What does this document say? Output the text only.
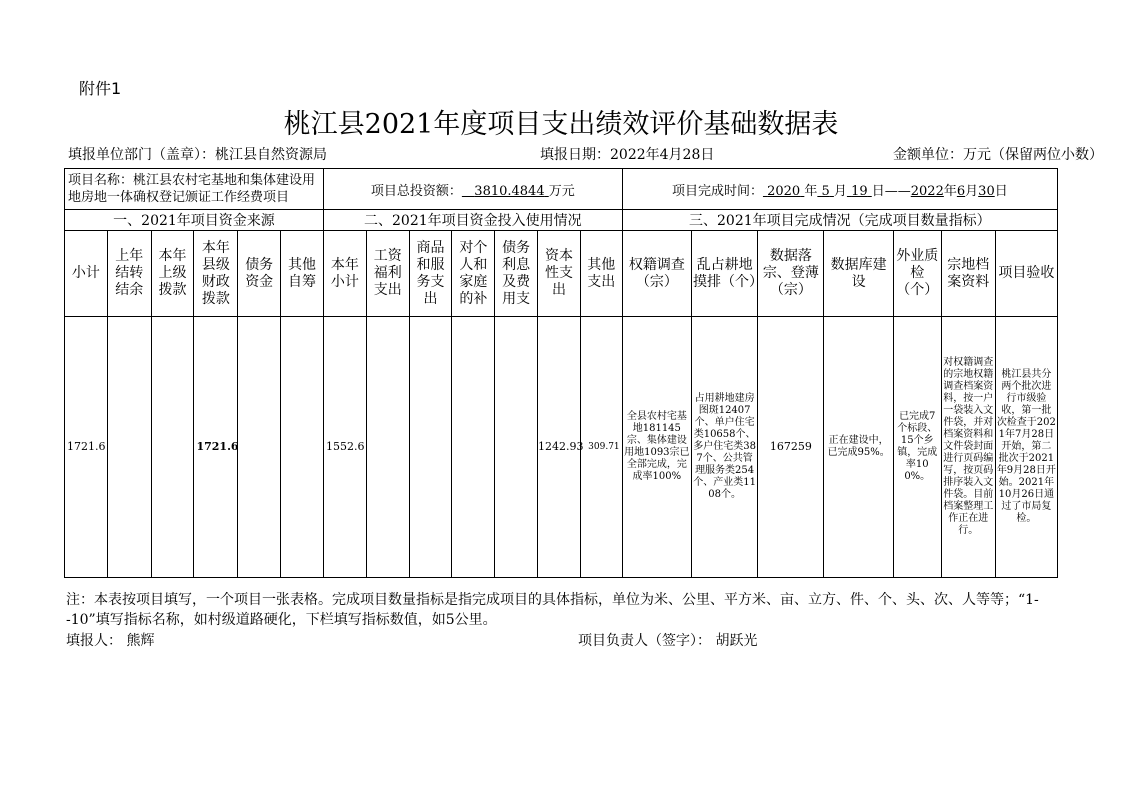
附件1
桃江县2021年度项目支出绩效评价基础数据表
填报单位部门（盖章）：桃江县自然资源局	填报日期：2022年4月28日	金额单位：万元（保留两位小数）
项目名称：桃江县农村宅基地和集体建设用地房地一体确权登记颁证工作经费项目						项目总投资额： 3810.4844 万元							项目完成时间： 2020 年 5 月 19 日——2022年6月30日						
一、2021年项目资金来源						二、2021年项目资金投入使用情况							三、2021年项目完成情况（完成项目数量指标）						

小计	上年结转结余	本年上级拨款	本年县级财政拨款	债务资金	其他自筹	本年小计	工资福利支出	商品和服务支出	对个人和家庭的补	债务利息及费用支	资本性支出	其他支出	权籍调查（宗）	乱占耕地摸排（个）	数据落宗、登薄（宗）	数据库建设	外业质检（个）	宗地档案资料	项目验收

1721.6			1721.6			1552.6					1242.93	309.71	全县农村宅基地181145宗、集体建设用地1093宗已全部完成，完成率100%	占用耕地建房图斑12407个、单户住宅类10658个、多户住宅类387个、公共管理服务类254个、产业类1108个。	167259	正在建设中，已完成95%。	已完成7个标段、15个乡镇，完成率100%。	对权籍调查的宗地权籍调查档案资料，按一户一袋装入文件袋，并对档案资料和文件袋封面进行页码编写，按页码排序装入文件袋。目前档案整理工作正在进行。	桃江县共分两个批次进行市级验收，第一批次检查于2021年7月28日开始，第二批次于2021年9月28日开始。2021年10月26日通过了市局复检。
注：本表按项目填写，一个项目一张表格。完成项目数量指标是指完成项目的具体指标，单位为米、公里、平方米、亩、立方、件、个、头、次、人等等；“1--10”填写指标名称，如村级道路硬化，下栏填写指标数值，如5公里。
填报人： 熊辉	项目负责人（签字）： 胡跃光
